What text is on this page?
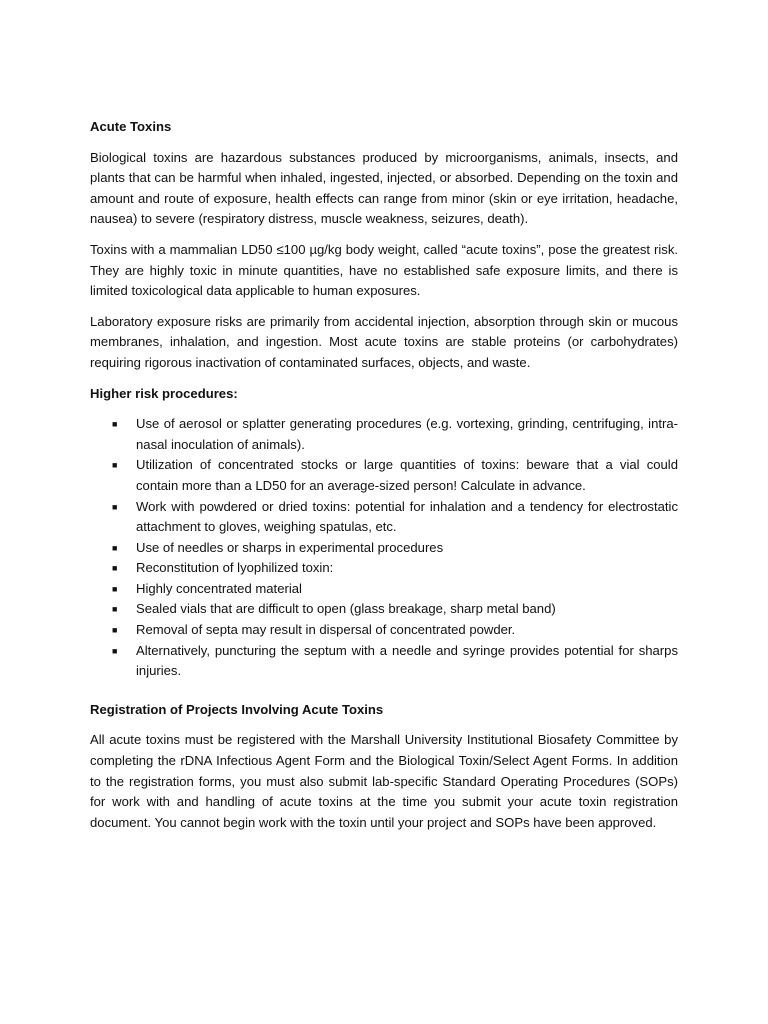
Acute Toxins

Biological toxins are hazardous substances produced by microorganisms, animals, insects, and plants that can be harmful when inhaled, ingested, injected, or absorbed. Depending on the toxin and amount and route of exposure, health effects can range from minor (skin or eye irritation, headache, nausea) to severe (respiratory distress, muscle weakness, seizures, death).

Toxins with a mammalian LD50 ≤100 µg/kg body weight, called “acute toxins”, pose the greatest risk. They are highly toxic in minute quantities, have no established safe exposure limits, and there is limited toxicological data applicable to human exposures.

Laboratory exposure risks are primarily from accidental injection, absorption through skin or mucous membranes, inhalation, and ingestion. Most acute toxins are stable proteins (or carbohydrates) requiring rigorous inactivation of contaminated surfaces, objects, and waste.

Higher risk procedures:
■ Use of aerosol or splatter generating procedures (e.g. vortexing, grinding, centrifuging, intra-nasal inoculation of animals).
■ Utilization of concentrated stocks or large quantities of toxins: beware that a vial could contain more than a LD50 for an average-sized person! Calculate in advance.
■ Work with powdered or dried toxins: potential for inhalation and a tendency for electrostatic attachment to gloves, weighing spatulas, etc.
■ Use of needles or sharps in experimental procedures
■ Reconstitution of lyophilized toxin:
■ Highly concentrated material
■ Sealed vials that are difficult to open (glass breakage, sharp metal band)
■ Removal of septa may result in dispersal of concentrated powder.
■ Alternatively, puncturing the septum with a needle and syringe provides potential for sharps injuries.
Registration of Projects Involving Acute Toxins

All acute toxins must be registered with the Marshall University Institutional Biosafety Committee by completing the rDNA Infectious Agent Form and the Biological Toxin/Select Agent Forms. In addition to the registration forms, you must also submit lab-specific Standard Operating Procedures (SOPs) for work with and handling of acute toxins at the time you submit your acute toxin registration document. You cannot begin work with the toxin until your project and SOPs have been approved.
